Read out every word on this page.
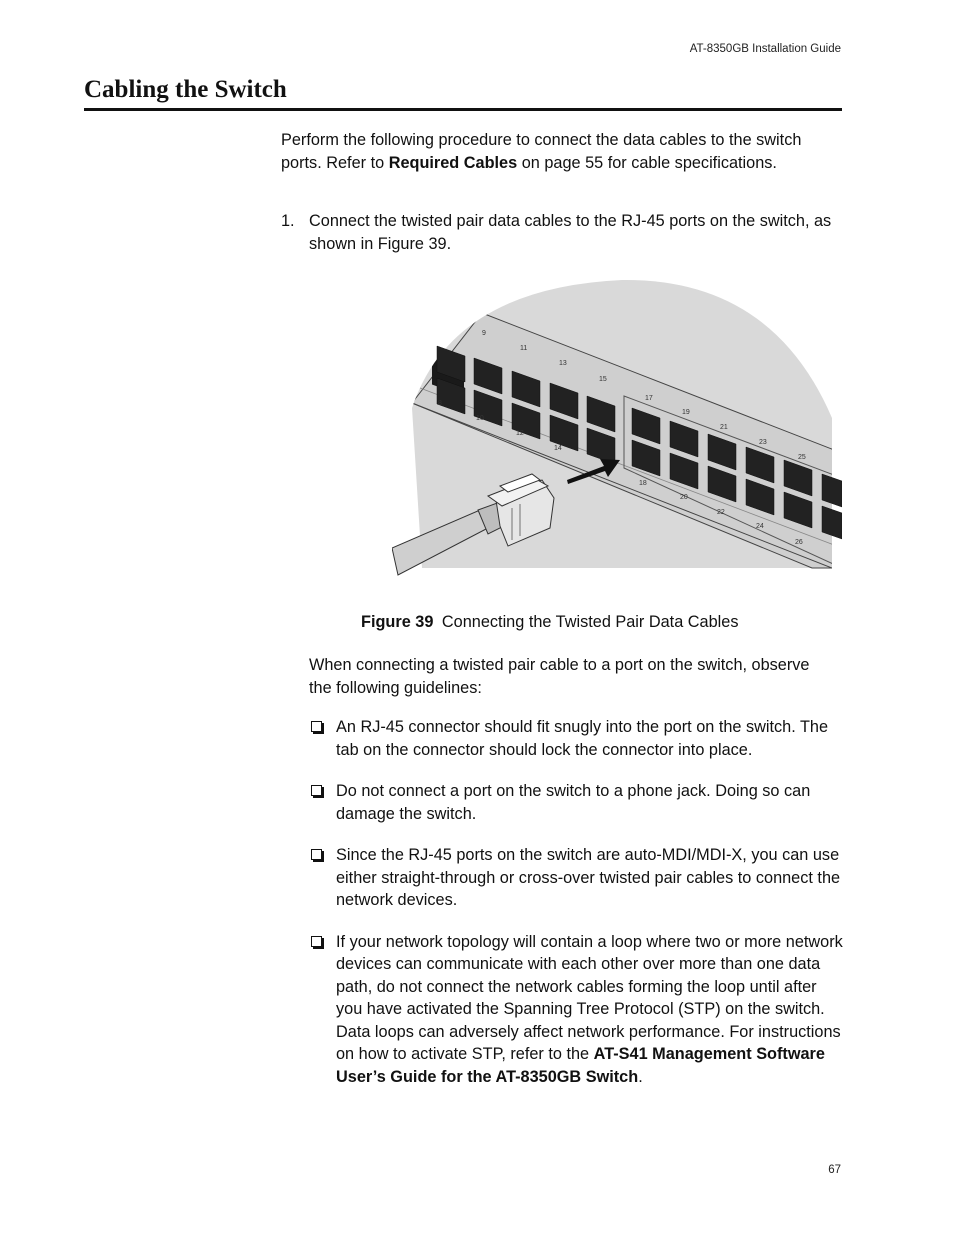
AT-8350GB Installation Guide
Cabling the Switch

Perform the following procedure to connect the data cables to the switch ports. Refer to Required Cables on page 55 for cable specifications.

1. Connect the twisted pair data cables to the RJ-45 ports on the switch, as shown in Figure 39.

9
11
13
15
17
19
21
23
25
8
10
12
14
18
20
22
24
26
Figure 39 Connecting the Twisted Pair Data Cables

When connecting a twisted pair cable to a port on the switch, observe the following guidelines:

An RJ-45 connector should fit snugly into the port on the switch. The tab on the connector should lock the connector into place.
Do not connect a port on the switch to a phone jack. Doing so can damage the switch.
Since the RJ-45 ports on the switch are auto-MDI/MDI-X, you can use either straight-through or cross-over twisted pair cables to connect the network devices.
If your network topology will contain a loop where two or more network devices can communicate with each other over more than one data path, do not connect the network cables forming the loop until after you have activated the Spanning Tree Protocol (STP) on the switch. Data loops can adversely affect network performance. For instructions on how to activate STP, refer to the AT-S41 Management Software User’s Guide for the AT-8350GB Switch.
67
